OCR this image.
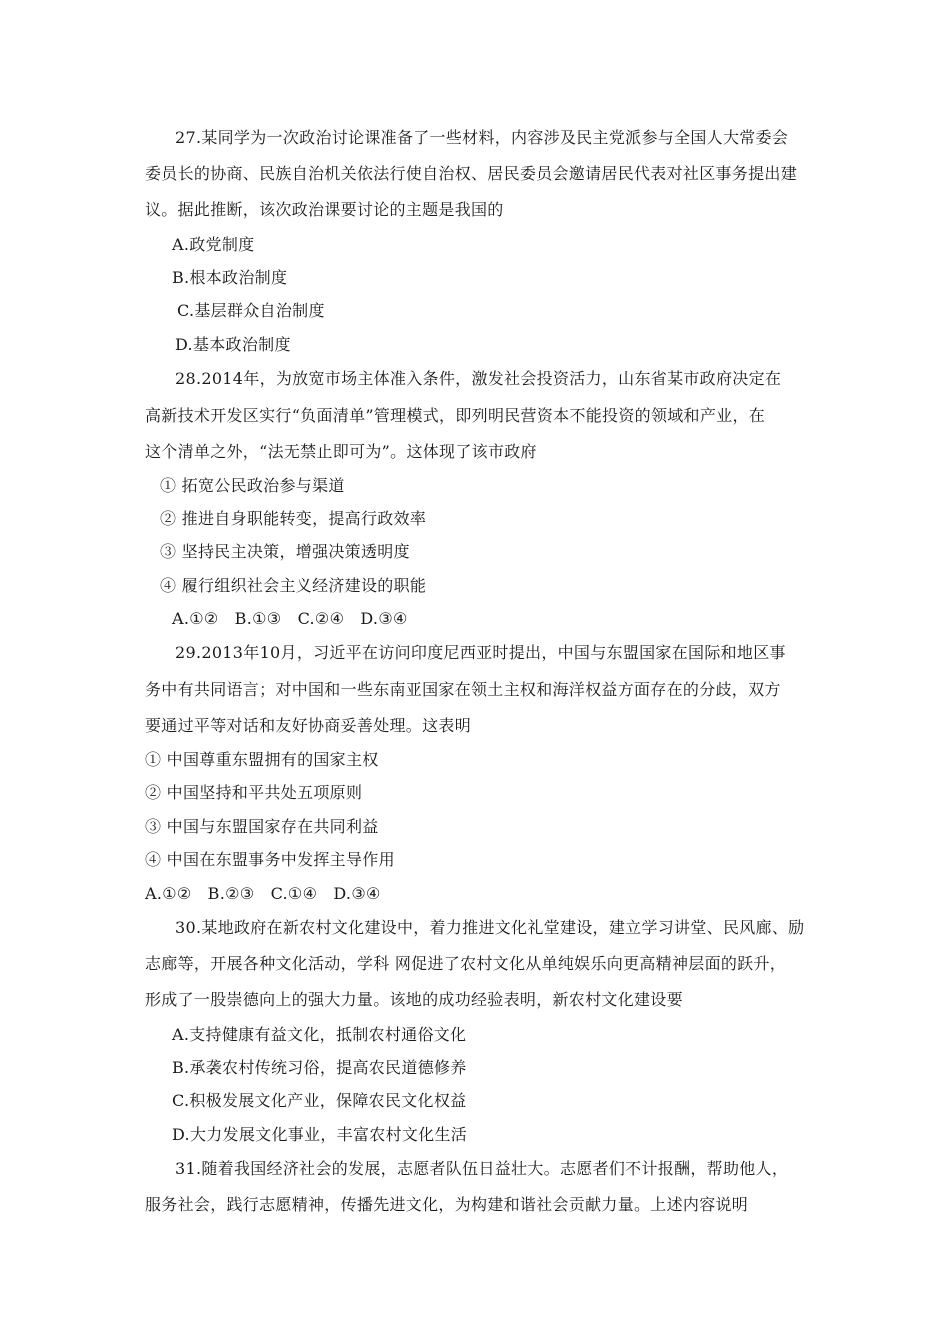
27.某同学为一次政治讨论课准备了一些材料，内容涉及民主党派参与全国人大常委会
委员长的协商、民族自治机关依法行使自治权、居民委员会邀请居民代表对社区事务提出建
议。据此推断，该次政治课要讨论的主题是我国的
A.政党制度
B.根本政治制度
C.基层群众自治制度
D.基本政治制度
28.2014年，为放宽市场主体准入条件，激发社会投资活力，山东省某市政府决定在
高新技术开发区实行“负面清单”管理模式，即列明民营资本不能投资的领域和产业，在
这个清单之外，“法无禁止即可为”。这体现了该市政府
① 拓宽公民政治参与渠道
② 推进自身职能转变，提高行政效率
③ 坚持民主决策，增强决策透明度
④ 履行组织社会主义经济建设的职能
A.①②   B.①③   C.②④   D.③④
29.2013年10月，习近平在访问印度尼西亚时提出，中国与东盟国家在国际和地区事
务中有共同语言；对中国和一些东南亚国家在领土主权和海洋权益方面存在的分歧，双方
要通过平等对话和友好协商妥善处理。这表明
① 中国尊重东盟拥有的国家主权
② 中国坚持和平共处五项原则
③ 中国与东盟国家存在共同利益
④ 中国在东盟事务中发挥主导作用
A.①②   B.②③   C.①④   D.③④
30.某地政府在新农村文化建设中，着力推进文化礼堂建设，建立学习讲堂、民风廊、励
志廊等，开展各种文化活动，学科 网促进了农村文化从单纯娱乐向更高精神层面的跃升，
形成了一股崇德向上的强大力量。该地的成功经验表明，新农村文化建设要
A.支持健康有益文化，抵制农村通俗文化
B.承袭农村传统习俗，提高农民道德修养
C.积极发展文化产业，保障农民文化权益
D.大力发展文化事业，丰富农村文化生活
31.随着我国经济社会的发展，志愿者队伍日益壮大。志愿者们不计报酬，帮助他人，
服务社会，践行志愿精神，传播先进文化，为构建和谐社会贡献力量。上述内容说明
